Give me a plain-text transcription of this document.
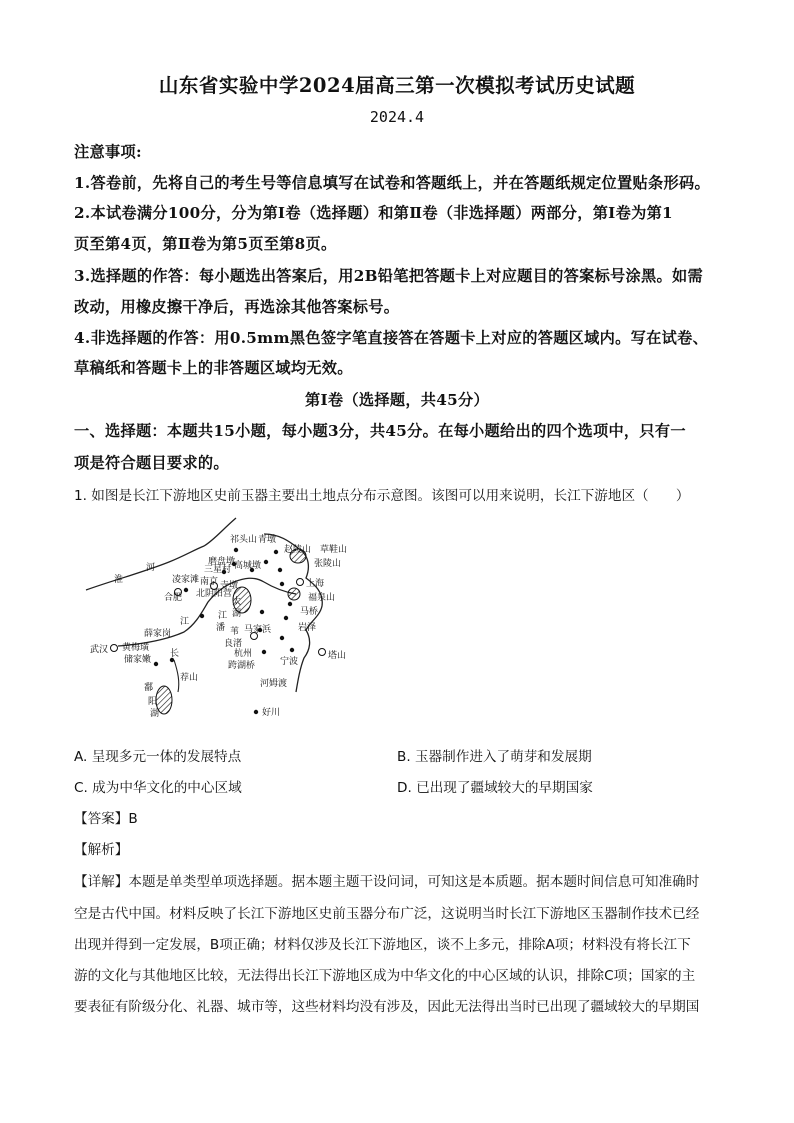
山东省实验中学2024届高三第一次模拟考试历史试题
2024.4
注意事项:
1.答卷前，先将自己的考生号等信息填写在试卷和答题纸上，并在答题纸规定位置贴条形码。
2.本试卷满分100分，分为第Ⅰ卷（选择题）和第Ⅱ卷（非选择题）两部分，第Ⅰ卷为第1
页至第4页，第Ⅱ卷为第5页至第8页。
3.选择题的作答：每小题选出答案后，用2B铅笔把答题卡上对应题目的答案标号涂黑。如需
改动，用橡皮擦干净后，再选涂其他答案标号。
4.非选择题的作答：用0.5mm黑色签字笔直接答在答题卡上对应的答题区域内。写在试卷、
草稿纸和答题卡上的非答题区域均无效。
第Ⅰ卷（选择题，共45分）
一、选择题：本题共15小题，每小题3分，共45分。在每小题给出的四个选项中，只有一
项是符合题目要求的。
1. 如图是长江下游地区史前玉器主要出土地点分布示意图。该图可以用来说明，长江下游地区（　　）
淮
河
合肥
凌家滩
武汉
薛家岗
黄梅璜
储家嫩
长
鄱
阳
湖
江
荐山
北阴阳营
南京
三星村
寺墩
磨盘墩
祁头山
高城墩
青墩
赵陵山 草鞋山
张陵山
上海
福泉山
马桥
太
湖
江
潘 苇
良渚
马家浜	岩泽
杭州
跨湖桥	宁波
河姆渡
塔山
好川
A. 呈现多元一体的发展特点	B. 玉器制作进入了萌芽和发展期
C. 成为中华文化的中心区域	D. 已出现了疆域较大的早期国家
【答案】B
【解析】
【详解】本题是单类型单项选择题。据本题主题干设问词，可知这是本质题。据本题时间信息可知准确时
空是古代中国。材料反映了长江下游地区史前玉器分布广泛，这说明当时长江下游地区玉器制作技术已经
出现并得到一定发展，B项正确；材料仅涉及长江下游地区，谈不上多元，排除A项；材料没有将长江下
游的文化与其他地区比较，无法得出长江下游地区成为中华文化的中心区域的认识，排除C项；国家的主
要表征有阶级分化、礼器、城市等，这些材料均没有涉及，因此无法得出当时已出现了疆域较大的早期国
